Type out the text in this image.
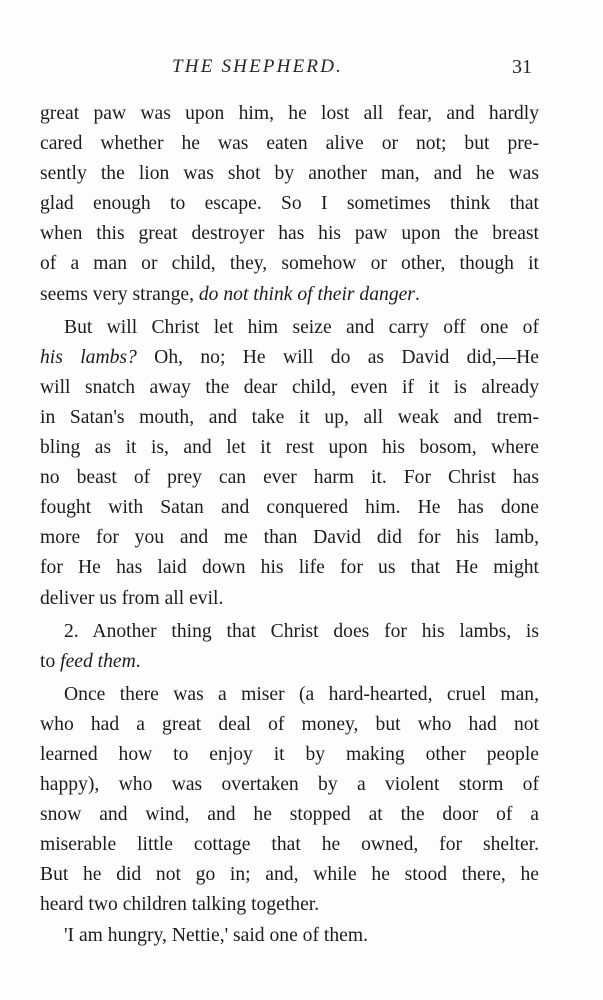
THE SHEPHERD.	31
great paw was upon him, he lost all fear, and hardly
cared whether he was eaten alive or not; but pre-
sently the lion was shot by another man, and he was
glad enough to escape. So I sometimes think that
when this great destroyer has his paw upon the breast
of a man or child, they, somehow or other, though it
seems very strange, do not think of their danger.
But will Christ let him seize and carry off one of
his lambs? Oh, no; He will do as David did,—He
will snatch away the dear child, even if it is already
in Satan's mouth, and take it up, all weak and trem-
bling as it is, and let it rest upon his bosom, where
no beast of prey can ever harm it. For Christ has
fought with Satan and conquered him. He has done
more for you and me than David did for his lamb,
for He has laid down his life for us that He might
deliver us from all evil.
2. Another thing that Christ does for his lambs, is
to feed them.
Once there was a miser (a hard-hearted, cruel man,
who had a great deal of money, but who had not
learned how to enjoy it by making other people
happy), who was overtaken by a violent storm of
snow and wind, and he stopped at the door of a
miserable little cottage that he owned, for shelter.
But he did not go in; and, while he stood there, he
heard two children talking together.
'I am hungry, Nettie,' said one of them.
